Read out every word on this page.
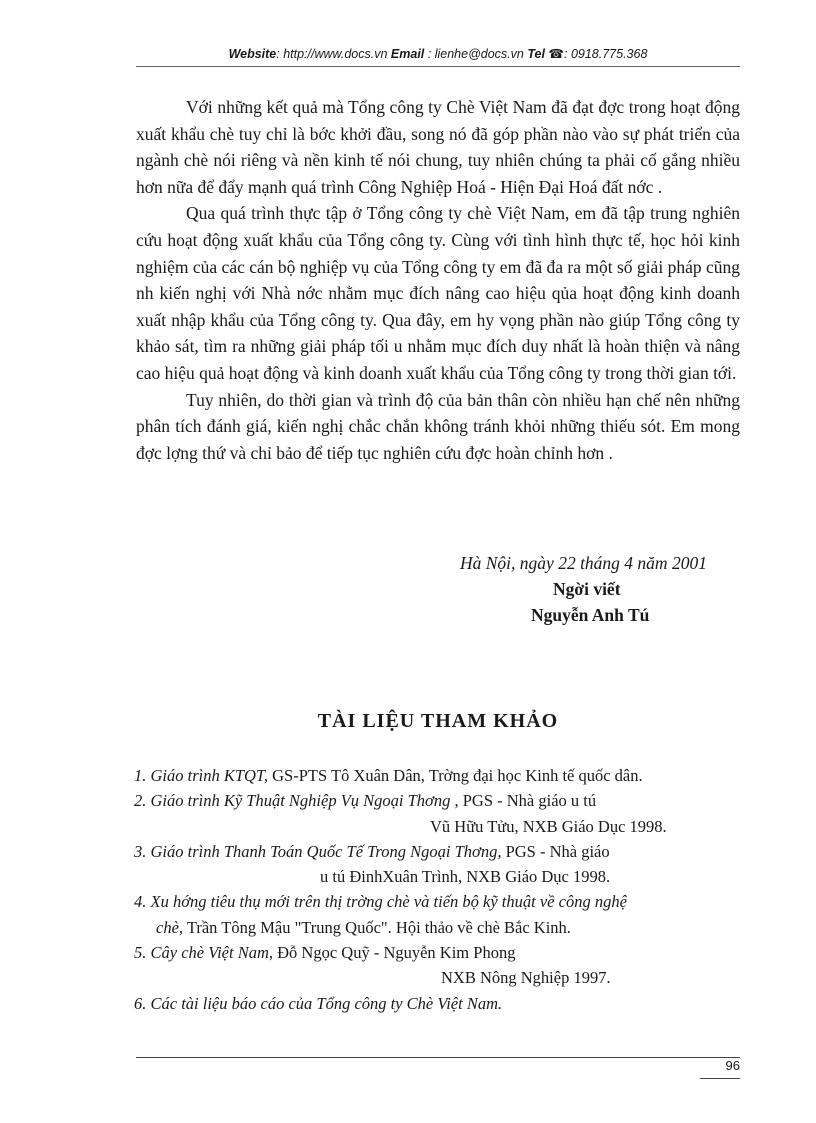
Website: http://www.docs.vn Email : lienhe@docs.vn Tel ☎: 0918.775.368

Với những kết quả mà Tổng công ty Chè Việt Nam đã đạt đợc trong hoạt động xuất khẩu chè tuy chỉ là bớc khởi đầu, song nó đã góp phần nào vào sự phát triển của ngành chè nói riêng và nền kinh tế nói chung, tuy nhiên chúng ta phải cố gắng nhiều hơn nữa để đẩy mạnh quá trình Công Nghiệp Hoá - Hiện Đại Hoá đất nớc .

Qua quá trình thực tập ở Tổng công ty chè Việt Nam, em đã tập trung nghiên cứu hoạt động xuất khẩu của Tổng công ty. Cùng với tình hình thực tế, học hỏi kinh nghiệm của các cán bộ nghiệp vụ của Tổng công ty em đã đa ra một số giải pháp cũng nh kiến nghị với Nhà nớc nhằm mục đích nâng cao hiệu qủa hoạt động kinh doanh xuất nhập khẩu của Tổng công ty. Qua đây, em hy vọng phần nào giúp Tổng công ty khảo sát, tìm ra những giải pháp tối u nhằm mục đích duy nhất là hoàn thiện và nâng cao hiệu quả hoạt động và kinh doanh xuất khẩu của Tổng công ty trong thời gian tới.

Tuy nhiên, do thời gian và trình độ của bản thân còn nhiều hạn chế nên những phân tích đánh giá, kiến nghị chắc chắn không tránh khỏi những thiếu sót. Em mong đợc lợng thứ và chỉ bảo để tiếp tục nghiên cứu đợc hoàn chỉnh hơn .

Hà Nội, ngày 22 tháng 4 năm 2001
Ngời viết
Nguyễn Anh Tú
TÀI LIỆU THAM KHẢO

1. Giáo trình KTQT, GS-PTS Tô Xuân Dân, Trờng đại học Kinh tế quốc dân.

2. Giáo trình Kỹ Thuật Nghiệp Vụ Ngoại Thơng , PGS - Nhà giáo u tú
Vũ Hữu Tửu, NXB Giáo Dục 1998.

3. Giáo trình Thanh Toán Quốc Tế Trong Ngoại Thơng, PGS - Nhà giáo
u tú ĐinhXuân Trình, NXB Giáo Dục 1998.

4. Xu hớng tiêu thụ mới trên thị trờng chè và tiến bộ kỹ thuật về công nghệ
chè, Trần Tông Mậu "Trung Quốc". Hội thảo về chè Bắc Kinh.

5. Cây chè Việt Nam, Đỗ Ngọc Quỹ - Nguyễn Kim Phong
NXB Nông Nghiệp 1997.

6. Các tài liệu báo cáo của Tổng công ty Chè Việt Nam.

96
